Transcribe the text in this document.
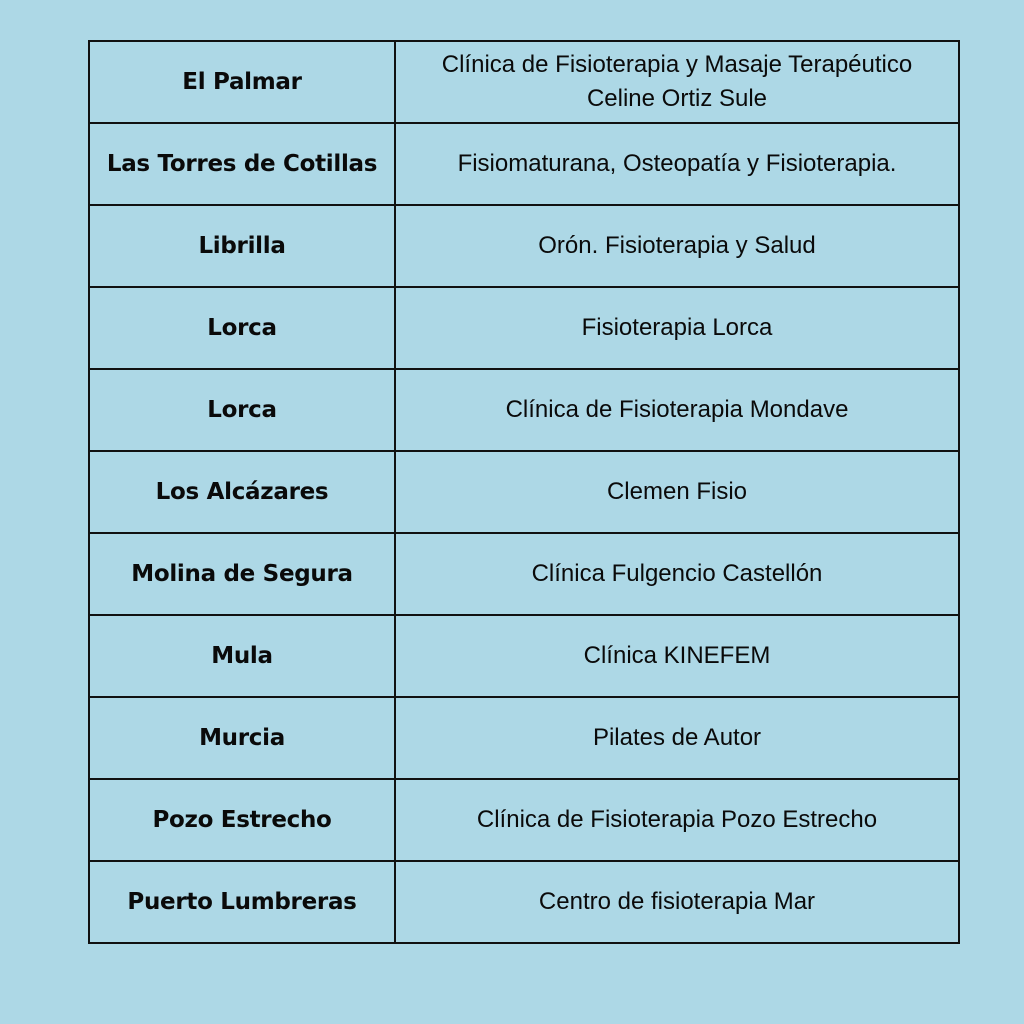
El Palmar	Clínica de Fisioterapia y Masaje Terapéutico
Celine Ortiz Sule

Las Torres de Cotillas	Fisiomaturana, Osteopatía y Fisioterapia.

Librilla	Orón. Fisioterapia y Salud

Lorca	Fisioterapia Lorca

Lorca	Clínica de Fisioterapia Mondave

Los Alcázares	Clemen Fisio

Molina de Segura	Clínica Fulgencio Castellón

Mula	Clínica KINEFEM

Murcia	Pilates de Autor

Pozo Estrecho	Clínica de Fisioterapia Pozo Estrecho

Puerto Lumbreras	Centro de fisioterapia Mar
